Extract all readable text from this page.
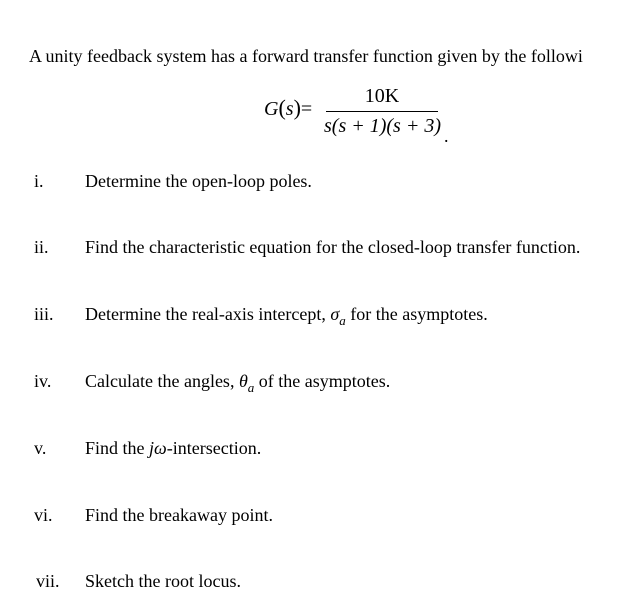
A unity feedback system has a forward transfer function given by the followi
G(s)=
10K
s(s + 1)(s + 3) .
i. Determine the open-loop poles.
ii. Find the characteristic equation for the closed-loop transfer function.
iii. Determine the real-axis intercept, $\sigma_a$ for the asymptotes.
iv. Calculate the angles, $\theta_a$ of the asymptotes.
v. Find the jω-intersection.
vi. Find the breakaway point.
vii. Sketch the root locus.
